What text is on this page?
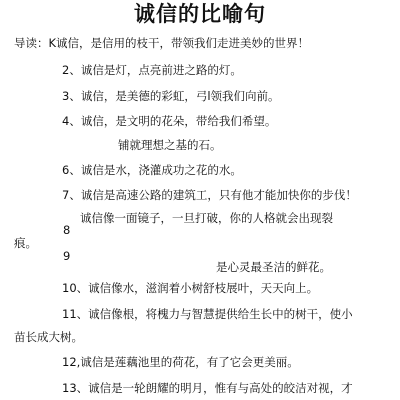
诚信的比喻句
导读：K诚信，是信用的枝干，带领我们走进美妙的世界！
2、诚信是灯，点亮前进之路的灯。
3、诚信，是美德的彩虹，弓l领我们向前。
4、诚信，是文明的花朵，带给我们希望。
铺就理想之基的石。
6、诚信是水，浇灌成功之花的水。
7、诚信是高速公路的建筑工，只有他才能加快你的步伐！
诚信像一面镜子，一旦打破，你的人格就会出现裂
8
痕。
9
是心灵最圣洁的鲜花。
10、诚信像水，滋润着小树舒枝展叶，天天向上。
11、诚信像根，将槐力与智慧提供给生长中的树干，使小
苗长成大树。
12,诚信是莲藕池里的荷花，有了它会更美丽。
13、诚信是一轮朗耀的明月，惟有与高处的皎洁对视，才
